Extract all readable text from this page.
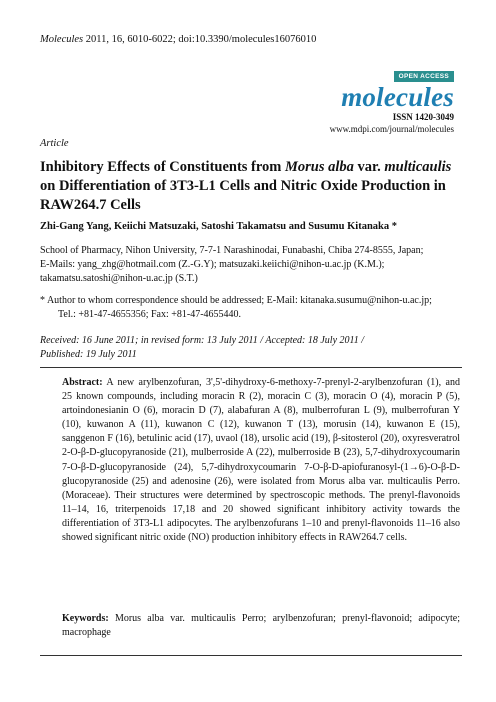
Molecules 2011, 16, 6010-6022; doi:10.3390/molecules16076010
OPEN ACCESS
molecules
ISSN 1420-3049
www.mdpi.com/journal/molecules
Article
Inhibitory Effects of Constituents from Morus alba var. multicaulis on Differentiation of 3T3-L1 Cells and Nitric Oxide Production in RAW264.7 Cells
Zhi-Gang Yang, Keiichi Matsuzaki, Satoshi Takamatsu and Susumu Kitanaka *
School of Pharmacy, Nihon University, 7-7-1 Narashinodai, Funabashi, Chiba 274-8555, Japan;
E-Mails: yang_zhg@hotmail.com (Z.-G.Y); matsuzaki.keiichi@nihon-u.ac.jp (K.M.);
takamatsu.satoshi@nihon-u.ac.jp (S.T.)
* Author to whom correspondence should be addressed; E-Mail: kitanaka.susumu@nihon-u.ac.jp;
Tel.: +81-47-4655356; Fax: +81-47-4655440.
Received: 16 June 2011; in revised form: 13 July 2011 / Accepted: 18 July 2011 /
Published: 19 July 2011
Abstract: A new arylbenzofuran, 3',5'-dihydroxy-6-methoxy-7-prenyl-2-arylbenzofuran (1), and 25 known compounds, including moracin R (2), moracin C (3), moracin O (4), moracin P (5), artoindonesianin O (6), moracin D (7), alabafuran A (8), mulberrofuran L (9), mulberrofuran Y (10), kuwanon A (11), kuwanon C (12), kuwanon T (13), morusin (14), kuwanon E (15), sanggenon F (16), betulinic acid (17), uvaol (18), ursolic acid (19), β-sitosterol (20), oxyresveratrol 2-O-β-D-glucopyranoside (21), mulberroside A (22), mulberroside B (23), 5,7-dihydroxycoumarin 7-O-β-D-glucopyranoside (24), 5,7-dihydroxycoumarin 7-O-β-D-apiofuranosyl-(1→6)-O-β-D-glucopyranoside (25) and adenosine (26), were isolated from Morus alba var. multicaulis Perro. (Moraceae). Their structures were determined by spectroscopic methods. The prenyl-flavonoids 11–14, 16, triterpenoids 17,18 and 20 showed significant inhibitory activity towards the differentiation of 3T3-L1 adipocytes. The arylbenzofurans 1–10 and prenyl-flavonoids 11–16 also showed significant nitric oxide (NO) production inhibitory effects in RAW264.7 cells.
Keywords: Morus alba var. multicaulis Perro; arylbenzofuran; prenyl-flavonoid; adipocyte; macrophage
